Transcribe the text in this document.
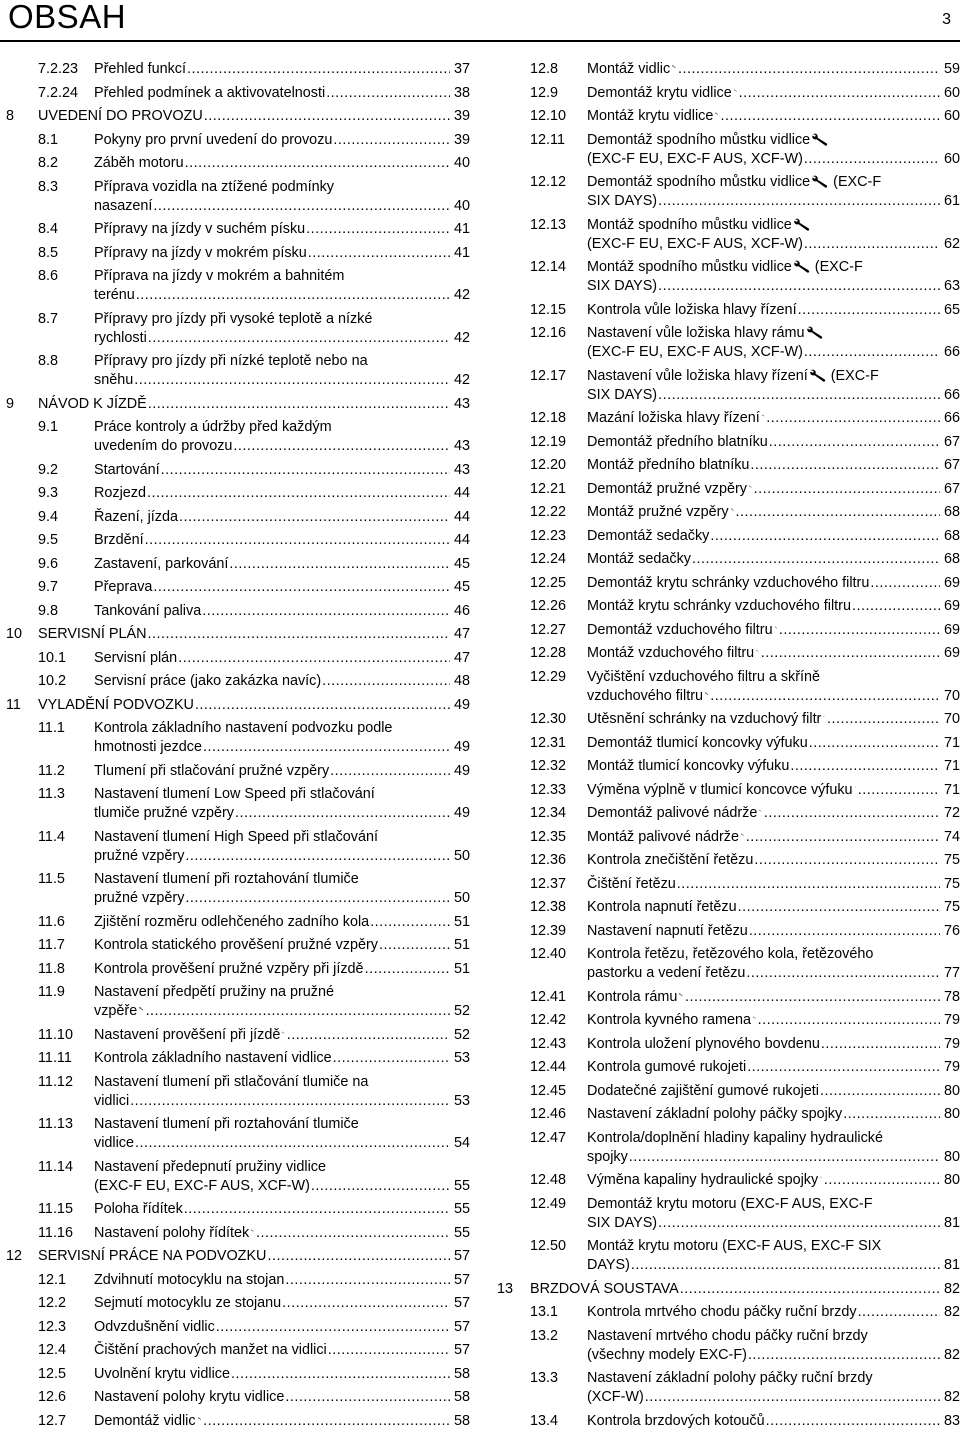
OBSAH	3
7.2.23 Přehled funkcí .....	37
7.2.24 Přehled podmínek a aktivovatelnosti .....	38
8 UVEDENÍ DO PROVOZU .....	39
8.1 Pokyny pro první uvedení do provozu .....	39
8.2 Záběh motoru .....	40
8.3 Příprava vozidla na ztížené podmínky
nasazení .....	40
8.4 Přípravy na jízdy v suchém písku .....	41
8.5 Přípravy na jízdy v mokrém písku .....	41
8.6 Příprava na jízdy v mokrém a bahnitém
terénu .....	42
8.7 Přípravy pro jízdy při vysoké teplotě a nízké
rychlosti .....	42
8.8 Přípravy pro jízdy při nízké teplotě nebo na
sněhu .....	42
9 NÁVOD K JÍZDĚ .....	43
9.1 Práce kontroly a údržby před každým
uvedením do provozu .....	43
9.2 Startování .....	43
9.3 Rozjezd .....	44
9.4 Řazení, jízda .....	44
9.5 Brzdění .....	44
9.6 Zastavení, parkování .....	45
9.7 Přeprava .....	45
9.8 Tankování paliva .....	46
10 SERVISNÍ PLÁN .....	47
10.1 Servisní plán .....	47
10.2 Servisní práce (jako zakázka navíc) .....	48
11 VYLADĚNÍ PODVOZKU .....	49
11.1 Kontrola základního nastavení podvozku podle
hmotnosti jezdce .....	49
11.2 Tlumení při stlačování pružné vzpěry .....	49
11.3 Nastavení tlumení Low Speed při stlačování
tlumiče pružné vzpěry .....	49
11.4 Nastavení tlumení High Speed při stlačování
pružné vzpěry .....	50
11.5 Nastavení tlumení při roztahování tlumiče
pružné vzpěry .....	50
11.6 Zjištění rozměru odlehčeného zadního kola .....	51
11.7 Kontrola statického prověšení pružné vzpěry .....	51
11.8 Kontrola prověšení pružné vzpěry při jízdě .....	51
11.9 Nastavení předpětí pružiny na pružné
vzpěře .....	52
11.10 Nastavení prověšení při jízdě .....	52
11.11 Kontrola základního nastavení vidlice .....	53
11.12 Nastavení tlumení při stlačování tlumiče na
vidlici .....	53
11.13 Nastavení tlumení při roztahování tlumiče
vidlice .....	54
11.14 Nastavení předepnutí pružiny vidlice
(EXC-F EU, EXC-F AUS, XCF-W) .....	55
11.15 Poloha řídítek .....	55
11.16 Nastavení polohy řídítek .....	55
12 SERVISNÍ PRÁCE NA PODVOZKU .....	57
12.1 Zdvihnutí motocyklu na stojan .....	57
12.2 Sejmutí motocyklu ze stojanu .....	57
12.3 Odvzdušnění vidlic .....	57
12.4 Čištění prachových manžet na vidlici .....	57
12.5 Uvolnění krytu vidlice .....	58
12.6 Nastavení polohy krytu vidlice .....	58
12.7 Demontáž vidlic .....	58
12.8 Montáž vidlic .....	59
12.9 Demontáž krytu vidlice .....	60
12.10 Montáž krytu vidlice .....	60
12.11 Demontáž spodního můstku vidlice
(EXC-F EU, EXC-F AUS, XCF-W) .....	60
12.12 Demontáž spodního můstku vidlice (EXC-F
SIX DAYS) .....	61
12.13 Montáž spodního můstku vidlice
(EXC-F EU, EXC-F AUS, XCF-W) .....	62
12.14 Montáž spodního můstku vidlice (EXC-F
SIX DAYS) .....	63
12.15 Kontrola vůle ložiska hlavy řízení .....	65
12.16 Nastavení vůle ložiska hlavy rámu
(EXC-F EU, EXC-F AUS, XCF-W) .....	66
12.17 Nastavení vůle ložiska hlavy řízení (EXC-F
SIX DAYS) .....	66
12.18 Mazání ložiska hlavy řízení .....	66
12.19 Demontáž předního blatníku .....	67
12.20 Montáž předního blatníku .....	67
12.21 Demontáž pružné vzpěry .....	67
12.22 Montáž pružné vzpěry .....	68
12.23 Demontáž sedačky .....	68
12.24 Montáž sedačky .....	68
12.25 Demontáž krytu schránky vzduchového filtru .....	69
12.26 Montáž krytu schránky vzduchového filtru .....	69
12.27 Demontáž vzduchového filtru .....	69
12.28 Montáž vzduchového filtru .....	69
12.29 Vyčištění vzduchového filtru a skříně
vzduchového filtru .....	70
12.30 Utěsnění schránky na vzduchový filtr .....	70
12.31 Demontáž tlumicí koncovky výfuku .....	71
12.32 Montáž tlumicí koncovky výfuku .....	71
12.33 Výměna výplně v tlumicí koncovce výfuku .....	71
12.34 Demontáž palivové nádrže .....	72
12.35 Montáž palivové nádrže .....	74
12.36 Kontrola znečištění řetězu .....	75
12.37 Čištění řetězu .....	75
12.38 Kontrola napnutí řetězu .....	75
12.39 Nastavení napnutí řetězu .....	76
12.40 Kontrola řetězu, řetězového kola, řetězového
pastorku a vedení řetězu .....	77
12.41 Kontrola rámu .....	78
12.42 Kontrola kyvného ramena .....	79
12.43 Kontrola uložení plynového bovdenu .....	79
12.44 Kontrola gumové rukojeti .....	79
12.45 Dodatečné zajištění gumové rukojeti .....	80
12.46 Nastavení základní polohy páčky spojky .....	80
12.47 Kontrola/doplnění hladiny kapaliny hydraulické
spojky .....	80
12.48 Výměna kapaliny hydraulické spojky .....	80
12.49 Demontáž krytu motoru (EXC-F AUS, EXC-F
SIX DAYS) .....	81
12.50 Montáž krytu motoru (EXC-F AUS, EXC-F SIX
DAYS) .....	81
13 BRZDOVÁ SOUSTAVA .....	82
13.1 Kontrola mrtvého chodu páčky ruční brzdy .....	82
13.2 Nastavení mrtvého chodu páčky ruční brzdy
(všechny modely EXC-F) .....	82
13.3 Nastavení základní polohy páčky ruční brzdy
(XCF-W) .....	82
13.4 Kontrola brzdových kotoučů .....	83
